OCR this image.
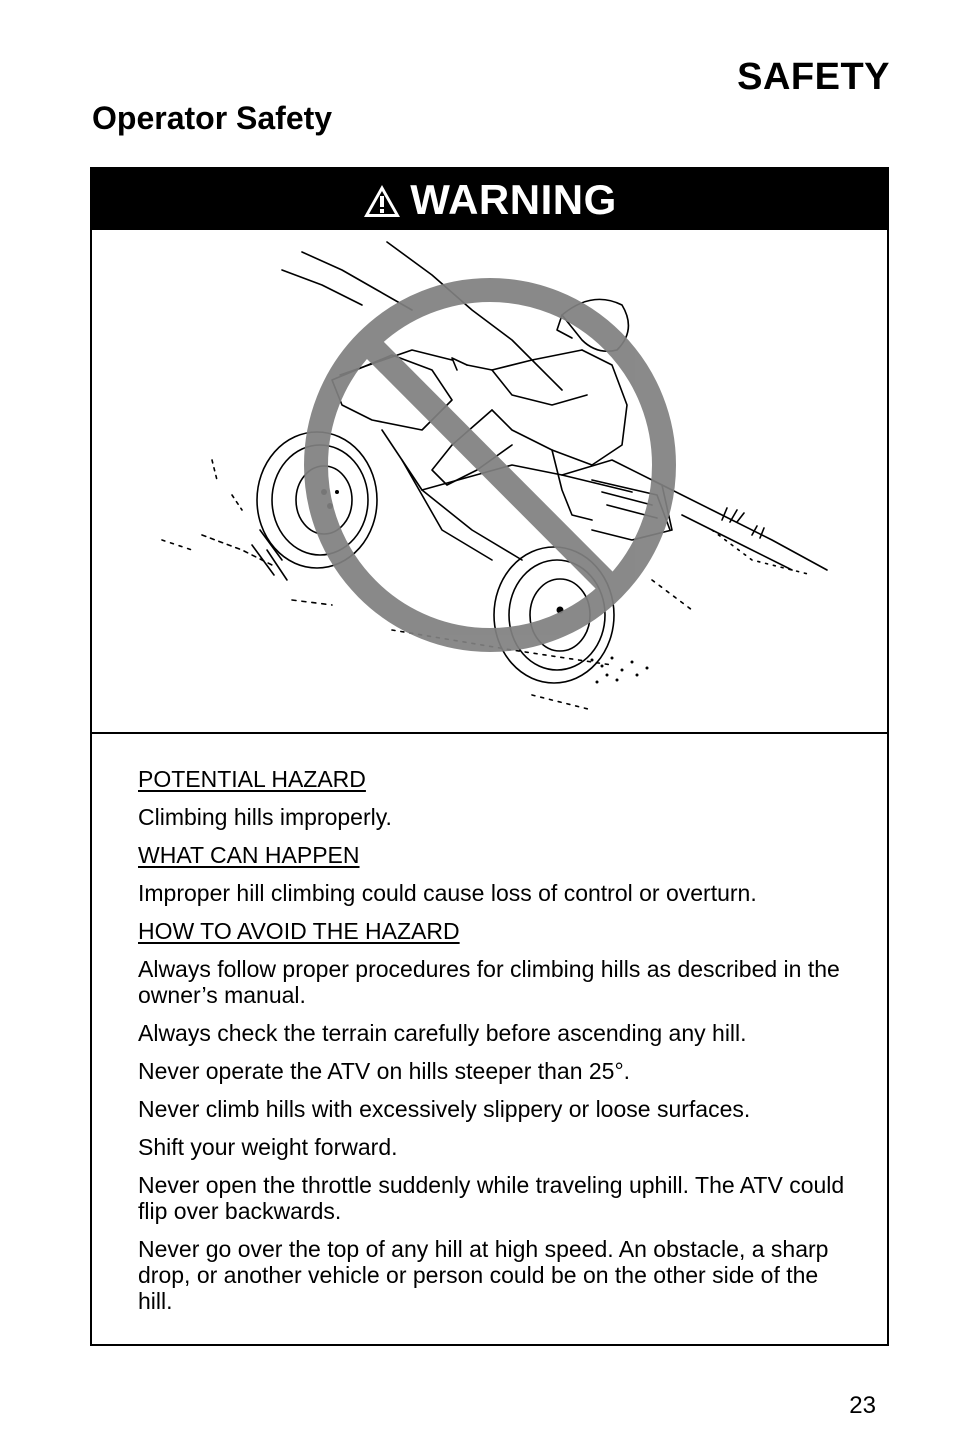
SAFETY
Operator Safety
WARNING
POTENTIAL HAZARD
Climbing hills improperly.
WHAT CAN HAPPEN
Improper hill climbing could cause loss of control or overturn.
HOW TO AVOID THE HAZARD
Always follow proper procedures for climbing hills as described in the owner’s manual.
Always check the terrain carefully before ascending any hill.
Never operate the ATV on hills steeper than 25°.
Never climb hills with excessively slippery or loose surfaces.
Shift your weight forward.
Never open the throttle suddenly while traveling uphill. The ATV could flip over backwards.
Never go over the top of any hill at high speed. An obstacle, a sharp drop, or another vehicle or person could be on the other side of the hill.
23
